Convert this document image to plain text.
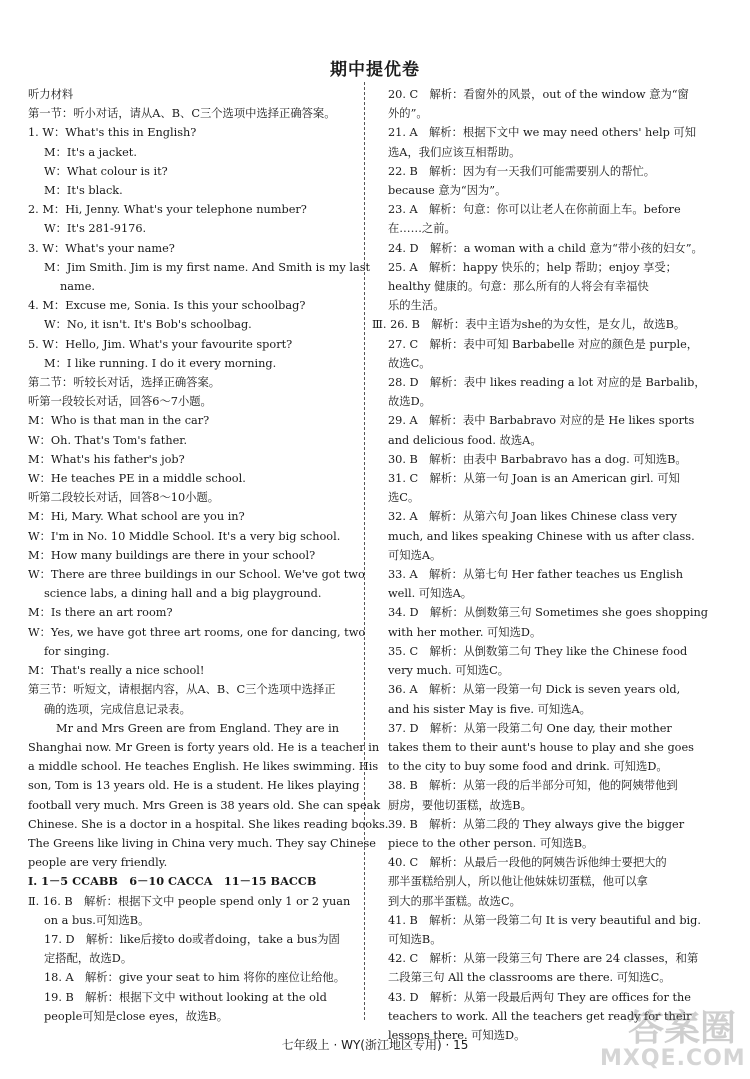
期中提优卷
听力材料
第一节：听小对话，请从A、B、C三个选项中选择正确答案。
1. W：What's this in English?
M：It's a jacket.
W：What colour is it?
M：It's black.
2. M：Hi, Jenny. What's your telephone number?
W：It's 281-9176.
3. W：What's your name?
M：Jim Smith. Jim is my first name. And Smith is my last
name.
4. M：Excuse me, Sonia. Is this your schoolbag?
W：No, it isn't. It's Bob's schoolbag.
5. W：Hello, Jim. What's your favourite sport?
M：I like running. I do it every morning.
第二节：听较长对话，选择正确答案。
听第一段较长对话，回答6～7小题。
M：Who is that man in the car?
W：Oh. That's Tom's father.
M：What's his father's job?
W：He teaches PE in a middle school.
听第二段较长对话，回答8～10小题。
M：Hi, Mary. What school are you in?
W：I'm in No. 10 Middle School. It's a very big school.
M：How many buildings are there in your school?
W：There are three buildings in our School. We've got two
science labs, a dining hall and a big playground.
M：Is there an art room?
W：Yes, we have got three art rooms, one for dancing, two
for singing.
M：That's really a nice school!
第三节：听短文，请根据内容，从A、B、C三个选项中选择正
确的选项，完成信息记录表。
Mr and Mrs Green are from England. They are in
Shanghai now. Mr Green is forty years old. He is a teacher in
a middle school. He teaches English. He likes swimming. His
son, Tom is 13 years old. He is a student. He likes playing
football very much. Mrs Green is 38 years old. She can speak
Chinese. She is a doctor in a hospital. She likes reading books.
The Greens like living in China very much. They say Chinese
people are very friendly.
Ⅰ. 1－5 CCABB　6－10 CACCA　11－15 BACCB
Ⅱ. 16. B　解析：根据下文中 people spend only 1 or 2 yuan
on a bus.可知选B。
17. D　解析：like后接to do或者doing，take a bus为固
定搭配，故选D。
18. A　解析：give your seat to him 将你的座位让给他。
19. B　解析：根据下文中 without looking at the old
people可知是close eyes，故选B。
20. C　解析：看窗外的风景，out of the window 意为“窗
外的”。
21. A　解析：根据下文中 we may need others' help 可知
选A，我们应该互相帮助。
22. B　解析：因为有一天我们可能需要别人的帮忙。
because 意为“因为”。
23. A　解析：句意：你可以让老人在你前面上车。before
在……之前。
24. D　解析：a woman with a child 意为“带小孩的妇女”。
25. A　解析：happy 快乐的；help 帮助；enjoy 享受；
healthy 健康的。句意：那么所有的人将会有幸福快
乐的生活。
Ⅲ. 26. B　解析：表中主语为she的为女性，是女儿，故选B。
27. C　解析：表中可知 Barbabelle 对应的颜色是 purple，
故选C。
28. D　解析：表中 likes reading a lot 对应的是 Barbalib，
故选D。
29. A　解析：表中 Barbabravo 对应的是 He likes sports
and delicious food. 故选A。
30. B　解析：由表中 Barbabravo has a dog. 可知选B。
31. C　解析：从第一句 Joan is an American girl. 可知
选C。
32. A　解析：从第六句 Joan likes Chinese class very
much, and likes speaking Chinese with us after class.
可知选A。
33. A　解析：从第七句 Her father teaches us English
well. 可知选A。
34. D　解析：从倒数第三句 Sometimes she goes shopping
with her mother. 可知选D。
35. C　解析：从倒数第二句 They like the Chinese food
very much. 可知选C。
36. A　解析：从第一段第一句 Dick is seven years old,
and his sister May is five. 可知选A。
37. D　解析：从第一段第二句 One day, their mother
takes them to their aunt's house to play and she goes
to the city to buy some food and drink. 可知选D。
38. B　解析：从第一段的后半部分可知，他的阿姨带他到
厨房，要他切蛋糕，故选B。
39. B　解析：从第二段的 They always give the bigger
piece to the other person. 可知选B。
40. C　解析：从最后一段他的阿姨告诉他绅士要把大的
那半蛋糕给别人，所以他让他妹妹切蛋糕，他可以拿
到大的那半蛋糕。故选C。
41. B　解析：从第一段第二句 It is very beautiful and big.
可知选B。
42. C　解析：从第一段第三句 There are 24 classes，和第
二段第三句 All the classrooms are there. 可知选C。
43. D　解析：从第一段最后两句 They are offices for the
teachers to work. All the teachers get ready for their
lessons there. 可知选D。
七年级上 · WY(浙江地区专用) · 15	答案圈
MXQE.COM
